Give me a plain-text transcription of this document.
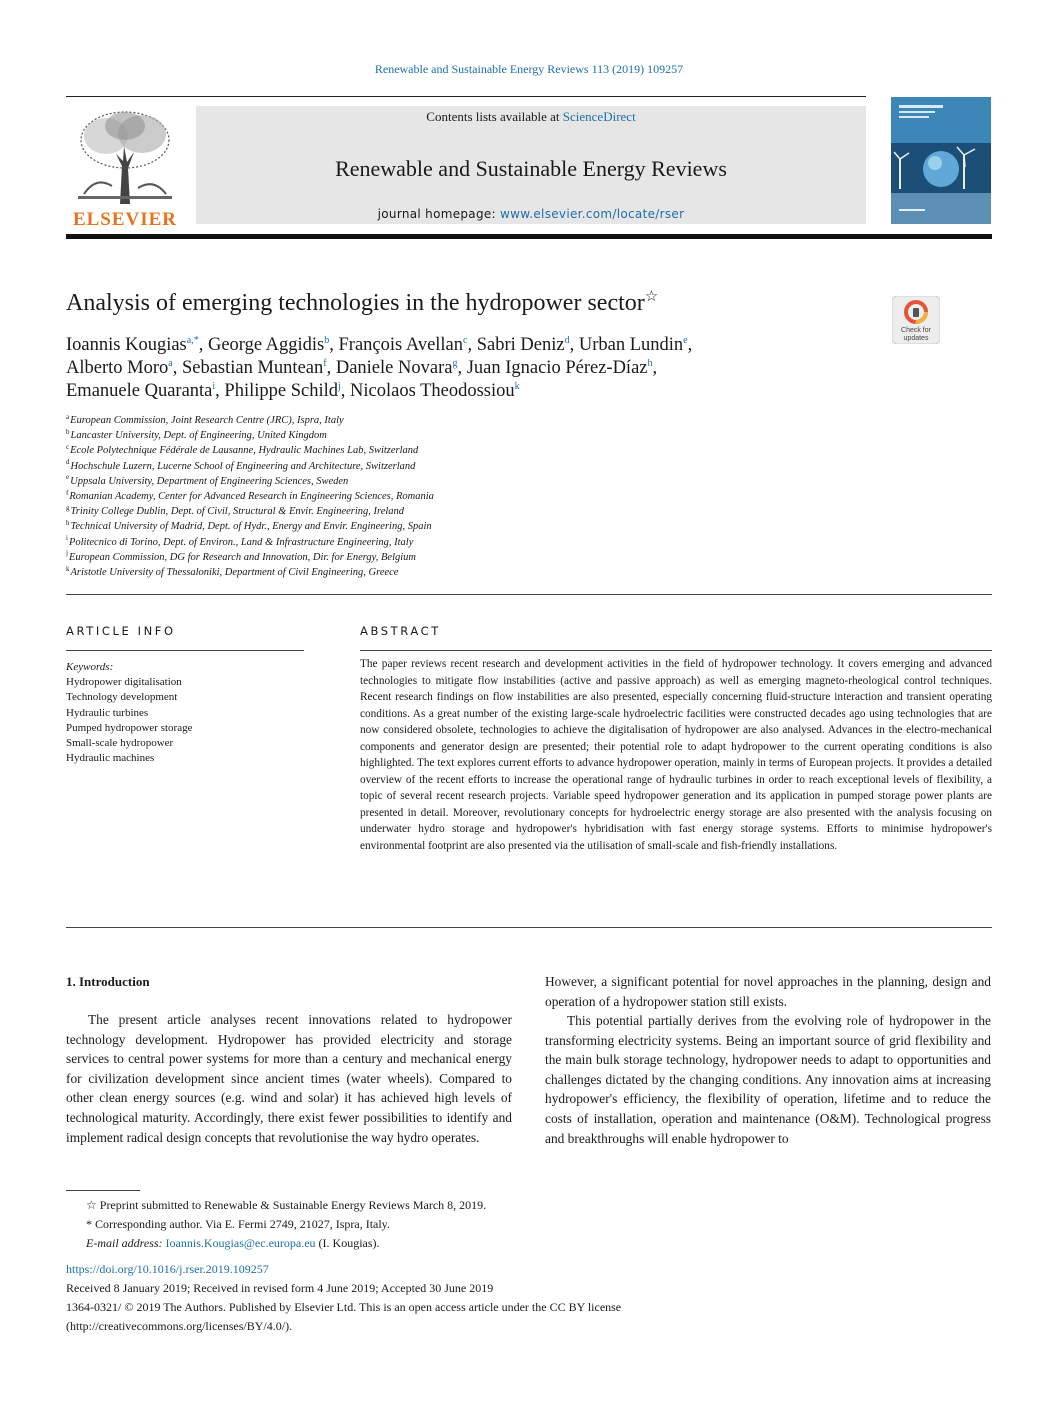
Renewable and Sustainable Energy Reviews 113 (2019) 109257
ELSEVIER
Contents lists available at ScienceDirect
Renewable and Sustainable Energy Reviews
journal homepage: www.elsevier.com/locate/rser
Analysis of emerging technologies in the hydropower sector☆
Check for
updates
Ioannis Kougias$^{a,*}$, George Aggidis$^b$, François Avellan$^c$, Sabri Deniz$^d$, Urban Lundin$^e$,
Alberto Moro$^a$, Sebastian Muntean$^f$, Daniele Novara$^g$, Juan Ignacio Pérez-Díaz$^h$,
Emanuele Quaranta$^i$, Philippe Schild$^j$, Nicolaos Theodossiou$^k$
$^a$European Commission, Joint Research Centre (JRC), Ispra, Italy
$^b$Lancaster University, Dept. of Engineering, United Kingdom
$^c$Ecole Polytechnique Fédérale de Lausanne, Hydraulic Machines Lab, Switzerland
$^d$Hochschule Luzern, Lucerne School of Engineering and Architecture, Switzerland
$^e$Uppsala University, Department of Engineering Sciences, Sweden
$^f$Romanian Academy, Center for Advanced Research in Engineering Sciences, Romania
$^g$Trinity College Dublin, Dept. of Civil, Structural & Envir. Engineering, Ireland
$^h$Technical University of Madrid, Dept. of Hydr., Energy and Envir. Engineering, Spain
$^i$Politecnico di Torino, Dept. of Environ., Land & Infrastructure Engineering, Italy
$^j$European Commission, DG for Research and Innovation, Dir. for Energy, Belgium
$^k$Aristotle University of Thessaloniki, Department of Civil Engineering, Greece
ARTICLE INFO
Keywords:
Hydropower digitalisation
Technology development
Hydraulic turbines
Pumped hydropower storage
Small-scale hydropower
Hydraulic machines
ABSTRACT
The paper reviews recent research and development activities in the field of hydropower technology. It covers emerging and advanced technologies to mitigate flow instabilities (active and passive approach) as well as emerging magneto-rheological control techniques. Recent research findings on flow instabilities are also presented, especially concerning fluid-structure interaction and transient operating conditions. As a great number of the existing large-scale hydroelectric facilities were constructed decades ago using technologies that are now considered obsolete, technologies to achieve the digitalisation of hydropower are also analysed. Advances in the electro-mechanical components and generator design are presented; their potential role to adapt hydropower to the current operating conditions is also highlighted. The text explores current efforts to advance hydropower operation, mainly in terms of European projects. It provides a detailed overview of the recent efforts to increase the operational range of hydraulic turbines in order to reach exceptional levels of flexibility, a topic of several recent research projects. Variable speed hydropower generation and its application in pumped storage power plants are presented in detail. Moreover, revolutionary concepts for hydroelectric energy storage are also presented with the analysis focusing on underwater hydro storage and hydropower's hybridisation with fast energy storage systems. Efforts to minimise hydropower's environmental footprint are also presented via the utilisation of small-scale and fish-friendly installations.
1. Introduction
The present article analyses recent innovations related to hydropower technology development. Hydropower has provided electricity and storage services to central power systems for more than a century and mechanical energy for civilization development since ancient times (water wheels). Compared to other clean energy sources (e.g. wind and solar) it has achieved high levels of technological maturity. Accordingly, there exist fewer possibilities to identify and implement radical design concepts that revolutionise the way hydro operates.
However, a significant potential for novel approaches in the planning, design and operation of a hydropower station still exists.
This potential partially derives from the evolving role of hydropower in the transforming electricity systems. Being an important source of grid flexibility and the main bulk storage technology, hydropower needs to adapt to opportunities and challenges dictated by the changing conditions. Any innovation aims at increasing hydropower's efficiency, the flexibility of operation, lifetime and to reduce the costs of installation, operation and maintenance (O&M). Technological progress and breakthroughs will enable hydropower to
☆ Preprint submitted to Renewable & Sustainable Energy Reviews March 8, 2019.
* Corresponding author. Via E. Fermi 2749, 21027, Ispra, Italy.
E-mail address: Ioannis.Kougias@ec.europa.eu (I. Kougias).
https://doi.org/10.1016/j.rser.2019.109257
Received 8 January 2019; Received in revised form 4 June 2019; Accepted 30 June 2019
1364-0321/ © 2019 The Authors. Published by Elsevier Ltd. This is an open access article under the CC BY license
(http://creativecommons.org/licenses/BY/4.0/).
